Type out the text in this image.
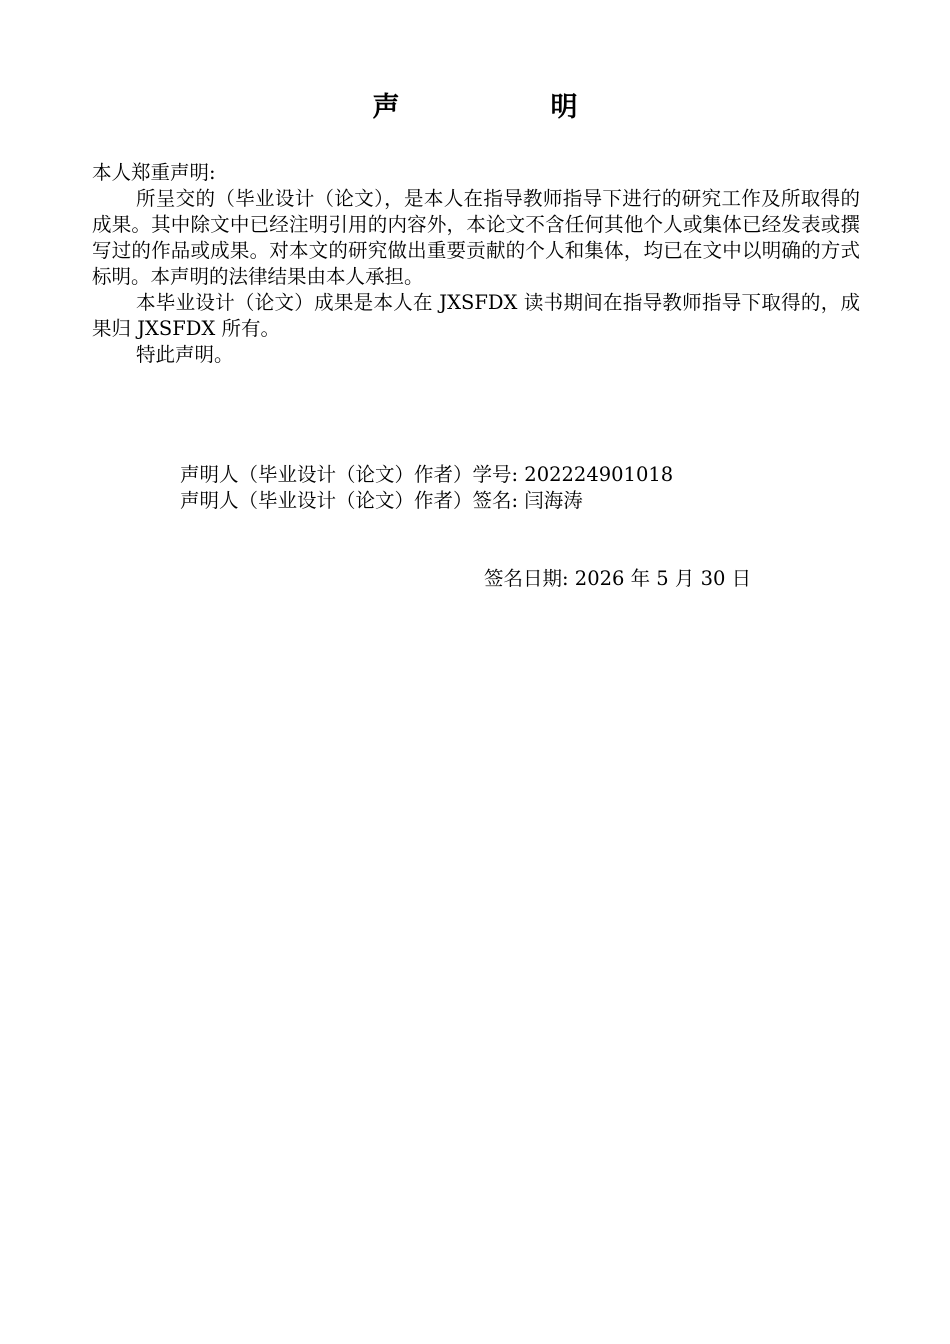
声　明

本人郑重声明:

所呈交的（毕业设计（论文），是本人在指导教师指导下进行的研究工作及所取得的成果。其中除文中已经注明引用的内容外，本论文不含任何其他个人或集体已经发表或撰写过的作品或成果。对本文的研究做出重要贡献的个人和集体，均已在文中以明确的方式标明。本声明的法律结果由本人承担。

本毕业设计（论文）成果是本人在 JXSFDX 读书期间在指导教师指导下取得的，成果归 JXSFDX 所有。

特此声明。

声明人（毕业设计（论文）作者）学号: 202224901018
声明人（毕业设计（论文）作者）签名: 闫海涛
签名日期: 2026 年 5 月 30 日
